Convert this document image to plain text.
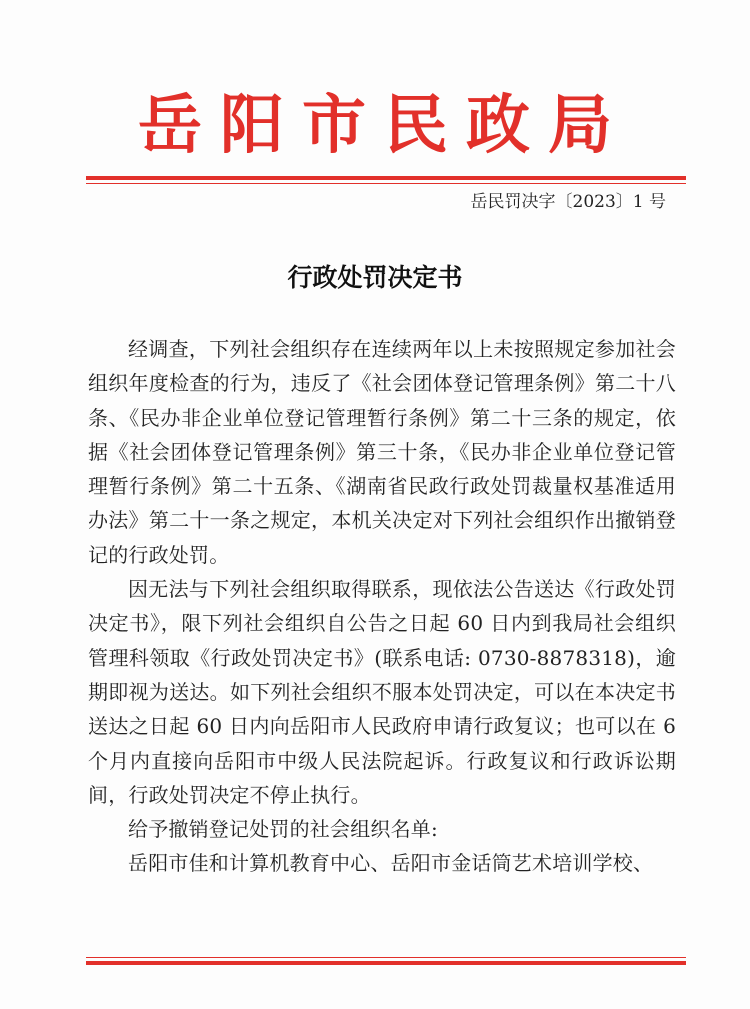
岳阳市民政局
岳民罚决字〔2023〕1 号
行政处罚决定书

经调查，下列社会组织存在连续两年以上未按照规定参加社会组织年度检查的行为，违反了《社会团体登记管理条例》第二十八条、《民办非企业单位登记管理暂行条例》第二十三条的规定，依据《社会团体登记管理条例》第三十条，《民办非企业单位登记管理暂行条例》第二十五条、《湖南省民政行政处罚裁量权基准适用办法》第二十一条之规定，本机关决定对下列社会组织作出撤销登记的行政处罚。

因无法与下列社会组织取得联系，现依法公告送达《行政处罚决定书》，限下列社会组织自公告之日起 60 日内到我局社会组织管理科领取《行政处罚决定书》(联系电话: 0730-8878318)，逾期即视为送达。如下列社会组织不服本处罚决定，可以在本决定书送达之日起 60 日内向岳阳市人民政府申请行政复议；也可以在 6 个月内直接向岳阳市中级人民法院起诉。行政复议和行政诉讼期间，行政处罚决定不停止执行。

给予撤销登记处罚的社会组织名单:

岳阳市佳和计算机教育中心、岳阳市金话筒艺术培训学校、
